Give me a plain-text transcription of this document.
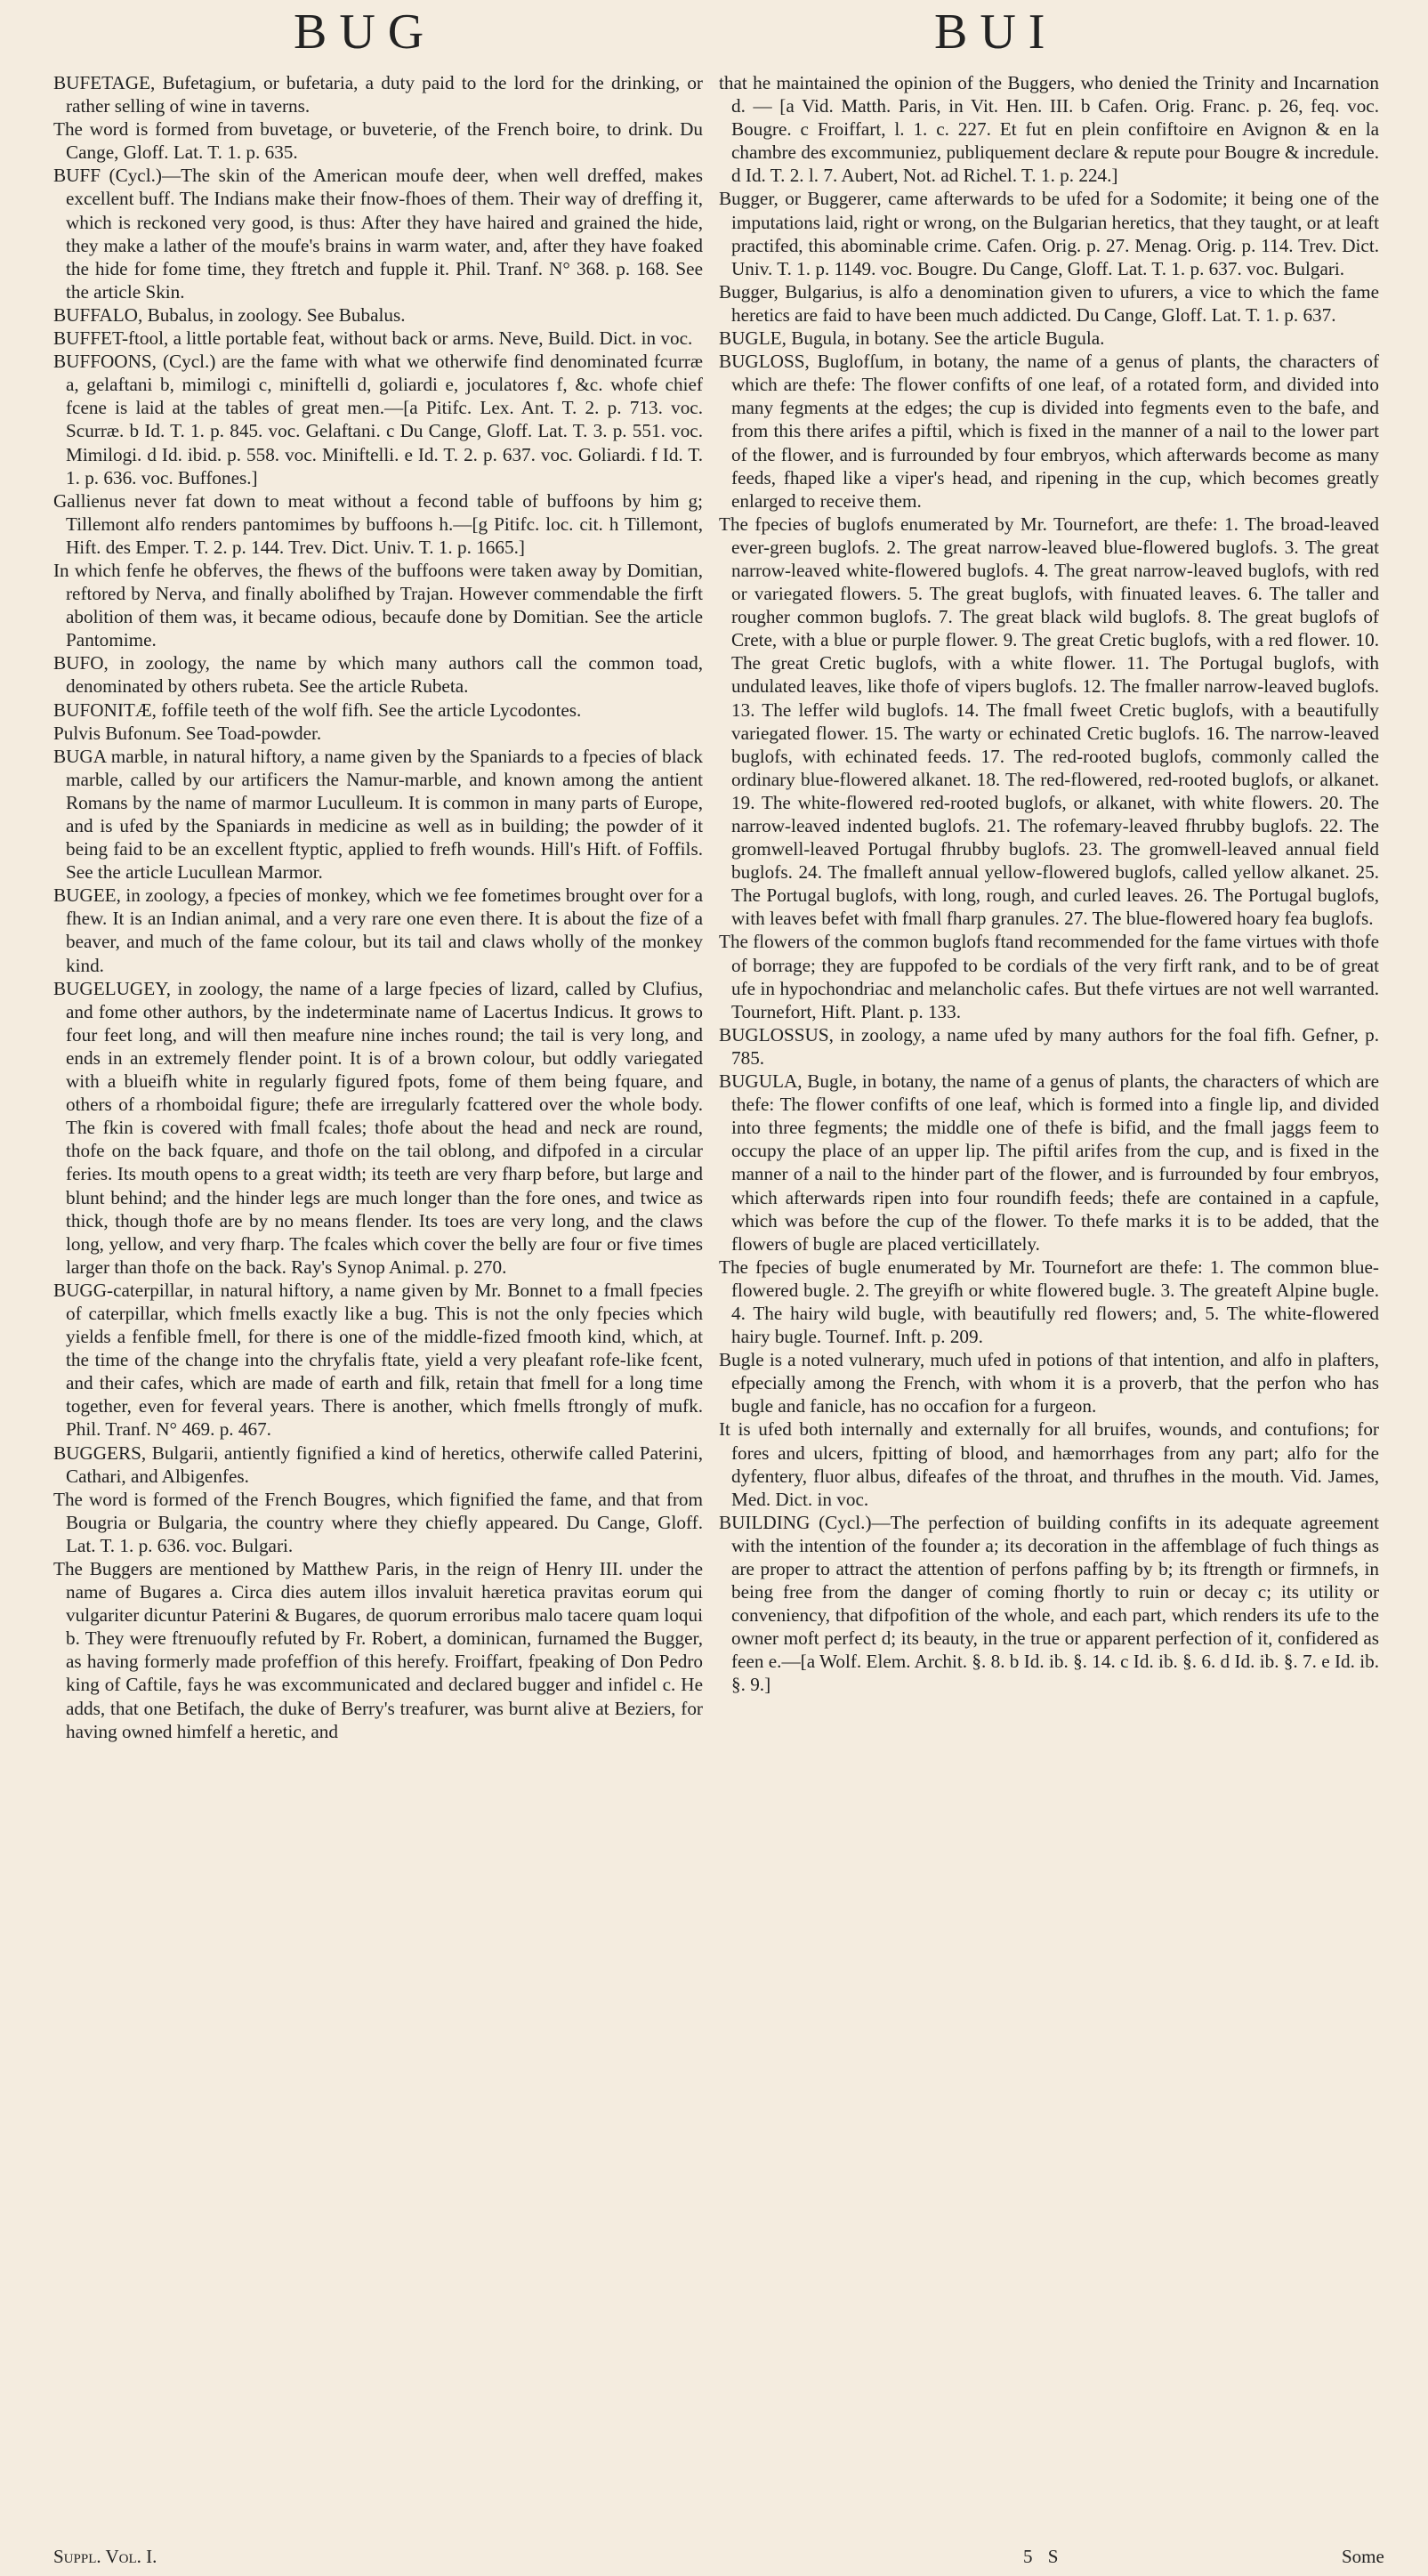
BUG	BUI

BUFETAGE, Bufetagium, or bufetaria, a duty paid to the lord for the drinking, or rather selling of wine in taverns.

The word is formed from buvetage, or buveterie, of the French boire, to drink. Du Cange, Gloff. Lat. T. 1. p. 635.

BUFF (Cycl.)—The skin of the American moufe deer, when well dreffed, makes excellent buff. The Indians make their fnow-fhoes of them. Their way of dreffing it, which is reckoned very good, is thus: After they have haired and grained the hide, they make a lather of the moufe's brains in warm water, and, after they have foaked the hide for fome time, they ftretch and fupple it. Phil. Tranf. N° 368. p. 168. See the article Skin.

BUFFALO, Bubalus, in zoology. See Bubalus.

BUFFET-ftool, a little portable feat, without back or arms. Neve, Build. Dict. in voc.

BUFFOONS, (Cycl.) are the fame with what we otherwife find denominated fcurræ a, gelaftani b, mimilogi c, miniftelli d, goliardi e, joculatores f, &c. whofe chief fcene is laid at the tables of great men.—[a Pitifc. Lex. Ant. T. 2. p. 713. voc. Scurræ. b Id. T. 1. p. 845. voc. Gelaftani. c Du Cange, Gloff. Lat. T. 3. p. 551. voc. Mimilogi. d Id. ibid. p. 558. voc. Miniftelli. e Id. T. 2. p. 637. voc. Goliardi. f Id. T. 1. p. 636. voc. Buffones.]

Gallienus never fat down to meat without a fecond table of buffoons by him g; Tillemont alfo renders pantomimes by buffoons h.—[g Pitifc. loc. cit. h Tillemont, Hift. des Emper. T. 2. p. 144. Trev. Dict. Univ. T. 1. p. 1665.]

In which fenfe he obferves, the fhews of the buffoons were taken away by Domitian, reftored by Nerva, and finally abolifhed by Trajan. However commendable the firft abolition of them was, it became odious, becaufe done by Domitian. See the article Pantomime.

BUFO, in zoology, the name by which many authors call the common toad, denominated by others rubeta. See the article Rubeta.

BUFONITÆ, foffile teeth of the wolf fifh. See the article Lycodontes.

Pulvis Bufonum. See Toad-powder.

BUGA marble, in natural hiftory, a name given by the Spaniards to a fpecies of black marble, called by our artificers the Namur-marble, and known among the antient Romans by the name of marmor Luculleum. It is common in many parts of Europe, and is ufed by the Spaniards in medicine as well as in building; the powder of it being faid to be an excellent ftyptic, applied to frefh wounds. Hill's Hift. of Foffils. See the article Lucullean Marmor.

BUGEE, in zoology, a fpecies of monkey, which we fee fometimes brought over for a fhew. It is an Indian animal, and a very rare one even there. It is about the fize of a beaver, and much of the fame colour, but its tail and claws wholly of the monkey kind.

BUGELUGEY, in zoology, the name of a large fpecies of lizard, called by Clufius, and fome other authors, by the indeterminate name of Lacertus Indicus. It grows to four feet long, and will then meafure nine inches round; the tail is very long, and ends in an extremely flender point. It is of a brown colour, but oddly variegated with a blueifh white in regularly figured fpots, fome of them being fquare, and others of a rhomboidal figure; thefe are irregularly fcattered over the whole body. The fkin is covered with fmall fcales; thofe about the head and neck are round, thofe on the back fquare, and thofe on the tail oblong, and difpofed in a circular feries. Its mouth opens to a great width; its teeth are very fharp before, but large and blunt behind; and the hinder legs are much longer than the fore ones, and twice as thick, though thofe are by no means flender. Its toes are very long, and the claws long, yellow, and very fharp. The fcales which cover the belly are four or five times larger than thofe on the back. Ray's Synop Animal. p. 270.

BUGG-caterpillar, in natural hiftory, a name given by Mr. Bonnet to a fmall fpecies of caterpillar, which fmells exactly like a bug. This is not the only fpecies which yields a fenfible fmell, for there is one of the middle-fized fmooth kind, which, at the time of the change into the chryfalis ftate, yield a very pleafant rofe-like fcent, and their cafes, which are made of earth and filk, retain that fmell for a long time together, even for feveral years. There is another, which fmells ftrongly of mufk. Phil. Tranf. N° 469. p. 467.

BUGGERS, Bulgarii, antiently fignified a kind of heretics, otherwife called Paterini, Cathari, and Albigenfes.

The word is formed of the French Bougres, which fignified the fame, and that from Bougria or Bulgaria, the country where they chiefly appeared. Du Cange, Gloff. Lat. T. 1. p. 636. voc. Bulgari.

The Buggers are mentioned by Matthew Paris, in the reign of Henry III. under the name of Bugares a. Circa dies autem illos invaluit hæretica pravitas eorum qui vulgariter dicuntur Paterini & Bugares, de quorum erroribus malo tacere quam loqui b. They were ftrenuoufly refuted by Fr. Robert, a dominican, furnamed the Bugger, as having formerly made profeffion of this herefy. Froiffart, fpeaking of Don Pedro king of Caftile, fays he was excommunicated and declared bugger and infidel c. He adds, that one Betifach, the duke of Berry's treafurer, was burnt alive at Beziers, for having owned himfelf a heretic, and

that he maintained the opinion of the Buggers, who denied the Trinity and Incarnation d. — [a Vid. Matth. Paris, in Vit. Hen. III. b Cafen. Orig. Franc. p. 26, feq. voc. Bougre. c Froiffart, l. 1. c. 227. Et fut en plein confiftoire en Avignon & en la chambre des excommuniez, publiquement declare & repute pour Bougre & incredule. d Id. T. 2. l. 7. Aubert, Not. ad Richel. T. 1. p. 224.]

Bugger, or Buggerer, came afterwards to be ufed for a Sodomite; it being one of the imputations laid, right or wrong, on the Bulgarian heretics, that they taught, or at leaft practifed, this abominable crime. Cafen. Orig. p. 27. Menag. Orig. p. 114. Trev. Dict. Univ. T. 1. p. 1149. voc. Bougre. Du Cange, Gloff. Lat. T. 1. p. 637. voc. Bulgari.

Bugger, Bulgarius, is alfo a denomination given to ufurers, a vice to which the fame heretics are faid to have been much addicted. Du Cange, Gloff. Lat. T. 1. p. 637.

BUGLE, Bugula, in botany. See the article Bugula.

BUGLOSS, Buglofſum, in botany, the name of a genus of plants, the characters of which are thefe: The flower confifts of one leaf, of a rotated form, and divided into many fegments at the edges; the cup is divided into fegments even to the bafe, and from this there arifes a piftil, which is fixed in the manner of a nail to the lower part of the flower, and is furrounded by four embryos, which afterwards become as many feeds, fhaped like a viper's head, and ripening in the cup, which becomes greatly enlarged to receive them.

The fpecies of buglofs enumerated by Mr. Tournefort, are thefe: 1. The broad-leaved ever-green buglofs. 2. The great narrow-leaved blue-flowered buglofs. 3. The great narrow-leaved white-flowered buglofs. 4. The great narrow-leaved buglofs, with red or variegated flowers. 5. The great buglofs, with finuated leaves. 6. The taller and rougher common buglofs. 7. The great black wild buglofs. 8. The great buglofs of Crete, with a blue or purple flower. 9. The great Cretic buglofs, with a red flower. 10. The great Cretic buglofs, with a white flower. 11. The Portugal buglofs, with undulated leaves, like thofe of vipers buglofs. 12. The fmaller narrow-leaved buglofs. 13. The leffer wild buglofs. 14. The fmall fweet Cretic buglofs, with a beautifully variegated flower. 15. The warty or echinated Cretic buglofs. 16. The narrow-leaved buglofs, with echinated feeds. 17. The red-rooted buglofs, commonly called the ordinary blue-flowered alkanet. 18. The red-flowered, red-rooted buglofs, or alkanet. 19. The white-flowered red-rooted buglofs, or alkanet, with white flowers. 20. The narrow-leaved indented buglofs. 21. The rofemary-leaved fhrubby buglofs. 22. The gromwell-leaved Portugal fhrubby buglofs. 23. The gromwell-leaved annual field buglofs. 24. The fmalleft annual yellow-flowered buglofs, called yellow alkanet. 25. The Portugal buglofs, with long, rough, and curled leaves. 26. The Portugal buglofs, with leaves befet with fmall fharp granules. 27. The blue-flowered hoary fea buglofs.

The flowers of the common buglofs ftand recommended for the fame virtues with thofe of borrage; they are fuppofed to be cordials of the very firft rank, and to be of great ufe in hypochondriac and melancholic cafes. But thefe virtues are not well warranted. Tournefort, Hift. Plant. p. 133.

BUGLOSSUS, in zoology, a name ufed by many authors for the foal fifh. Gefner, p. 785.

BUGULA, Bugle, in botany, the name of a genus of plants, the characters of which are thefe: The flower confifts of one leaf, which is formed into a fingle lip, and divided into three fegments; the middle one of thefe is bifid, and the fmall jaggs feem to occupy the place of an upper lip. The piftil arifes from the cup, and is fixed in the manner of a nail to the hinder part of the flower, and is furrounded by four embryos, which afterwards ripen into four roundifh feeds; thefe are contained in a capfule, which was before the cup of the flower. To thefe marks it is to be added, that the flowers of bugle are placed verticillately.

The fpecies of bugle enumerated by Mr. Tournefort are thefe: 1. The common blue-flowered bugle. 2. The greyifh or white flowered bugle. 3. The greateft Alpine bugle. 4. The hairy wild bugle, with beautifully red flowers; and, 5. The white-flowered hairy bugle. Tournef. Inft. p. 209.

Bugle is a noted vulnerary, much ufed in potions of that intention, and alfo in plafters, efpecially among the French, with whom it is a proverb, that the perfon who has bugle and fanicle, has no occafion for a furgeon.

It is ufed both internally and externally for all bruifes, wounds, and contufions; for fores and ulcers, fpitting of blood, and hæmorrhages from any part; alfo for the dyfentery, fluor albus, difeafes of the throat, and thrufhes in the mouth. Vid. James, Med. Dict. in voc.

BUILDING (Cycl.)—The perfection of building confifts in its adequate agreement with the intention of the founder a; its decoration in the affemblage of fuch things as are proper to attract the attention of perfons paffing by b; its ftrength or firmnefs, in being free from the danger of coming fhortly to ruin or decay c; its utility or conveniency, that difpofition of the whole, and each part, which renders its ufe to the owner moft perfect d; its beauty, in the true or apparent perfection of it, confidered as feen e.—[a Wolf. Elem. Archit. §. 8. b Id. ib. §. 14. c Id. ib. §. 6. d Id. ib. §. 7. e Id. ib. §. 9.]

Suppl. Vol. I.	5 S	Some
